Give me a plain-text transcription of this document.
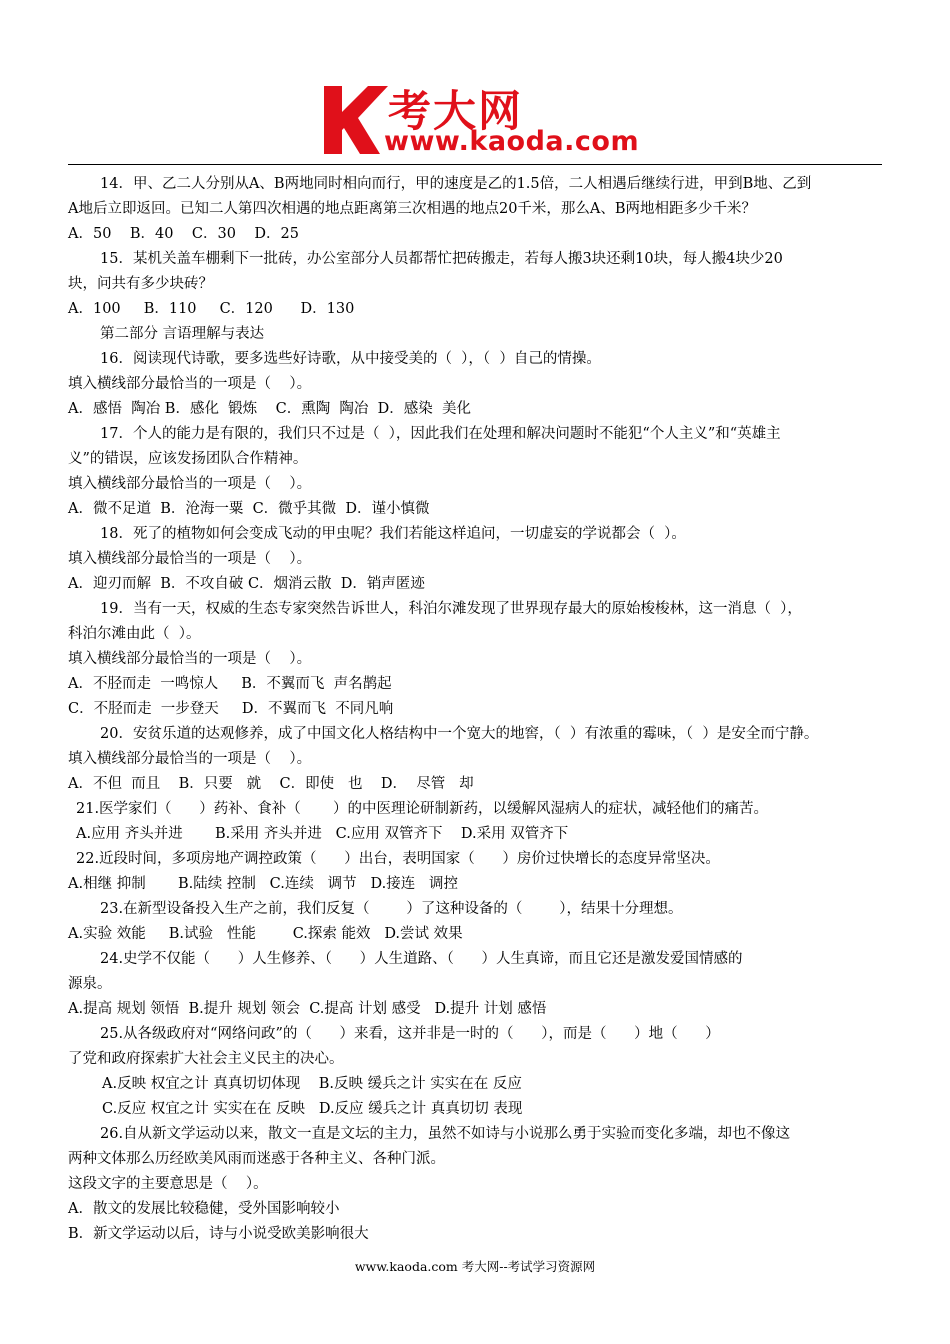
考大网
www.kaoda.com
14．甲、乙二人分别从A、B两地同时相向而行，甲的速度是乙的1.5倍，二人相遇后继续行进，甲到B地、乙到
A地后立即返回。已知二人第四次相遇的地点距离第三次相遇的地点20千米，那么A、B两地相距多少千米？
A．50    B．40    C．30    D．25
15．某机关盖车棚剩下一批砖，办公室部分人员都帮忙把砖搬走，若每人搬3块还剩10块，每人搬4块少20
块，问共有多少块砖？
A．100     B．110     C．120      D．130
第二部分 言语理解与表达
16．阅读现代诗歌，要多选些好诗歌，从中接受美的（  ），（  ）自己的情操。
填入横线部分最恰当的一项是（    ）。
A．感悟  陶冶 B．感化  锻炼    C．熏陶  陶冶  D．感染  美化
17．个人的能力是有限的，我们只不过是（  ），因此我们在处理和解决问题时不能犯“个人主义”和“英雄主
义”的错误，应该发扬团队合作精神。
填入横线部分最恰当的一项是（    ）。
A．微不足道  B．沧海一粟  C．微乎其微  D．谨小慎微
18．死了的植物如何会变成飞动的甲虫呢？我们若能这样追问，一切虚妄的学说都会（  ）。
填入横线部分最恰当的一项是（    ）。
A．迎刃而解  B．不攻自破 C．烟消云散  D．销声匿迹
19．当有一天，权威的生态专家突然告诉世人，科泊尔滩发现了世界现存最大的原始梭梭林，这一消息（  ），
科泊尔滩由此（  ）。
填入横线部分最恰当的一项是（    ）。
A．不胫而走  一鸣惊人     B．不翼而飞  声名鹊起
C．不胫而走  一步登天     D．不翼而飞  不同凡响
20．安贫乐道的达观修养，成了中国文化人格结构中一个宽大的地窖，（  ）有浓重的霉味，（  ）是安全而宁静。
填入横线部分最恰当的一项是（    ）。
A．不但  而且    B．只要   就    C．即使   也    D．  尽管   却
21.医学家们（      ）药补、食补（       ）的中医理论研制新药，以缓解风湿病人的症状，减轻他们的痛苦。
A.应用 齐头并进       B.采用 齐头并进   C.应用 双管齐下    D.采用 双管齐下
22.近段时间，多项房地产调控政策（      ）出台，表明国家（      ）房价过快增长的态度异常坚决。
A.相继 抑制       B.陆续 控制   C.连续   调节   D.接连   调控
23.在新型设备投入生产之前，我们反复（        ）了这种设备的（        ），结果十分理想。
A.实验 效能     B.试验   性能        C.探索 能效   D.尝试 效果
24.史学不仅能（      ）人生修养、（      ）人生道路、（      ）人生真谛，而且它还是激发爱国情感的
源泉。
A.提高 规划 领悟  B.提升 规划 领会  C.提高 计划 感受   D.提升 计划 感悟
25.从各级政府对“网络问政”的（      ）来看，这并非是一时的（      ），而是（      ）地（      ）
了党和政府探索扩大社会主义民主的决心。
A.反映 权宜之计 真真切切体现    B.反映 缓兵之计 实实在在 反应
C.反应 权宜之计 实实在在 反映   D.反应 缓兵之计 真真切切 表现
26.自从新文学运动以来，散文一直是文坛的主力，虽然不如诗与小说那么勇于实验而变化多端，却也不像这
两种文体那么历经欧美风雨而迷惑于各种主义、各种门派。
这段文字的主要意思是（    ）。
A．散文的发展比较稳健，受外国影响较小
B．新文学运动以后，诗与小说受欧美影响很大
www.kaoda.com 考大网--考试学习资源网
